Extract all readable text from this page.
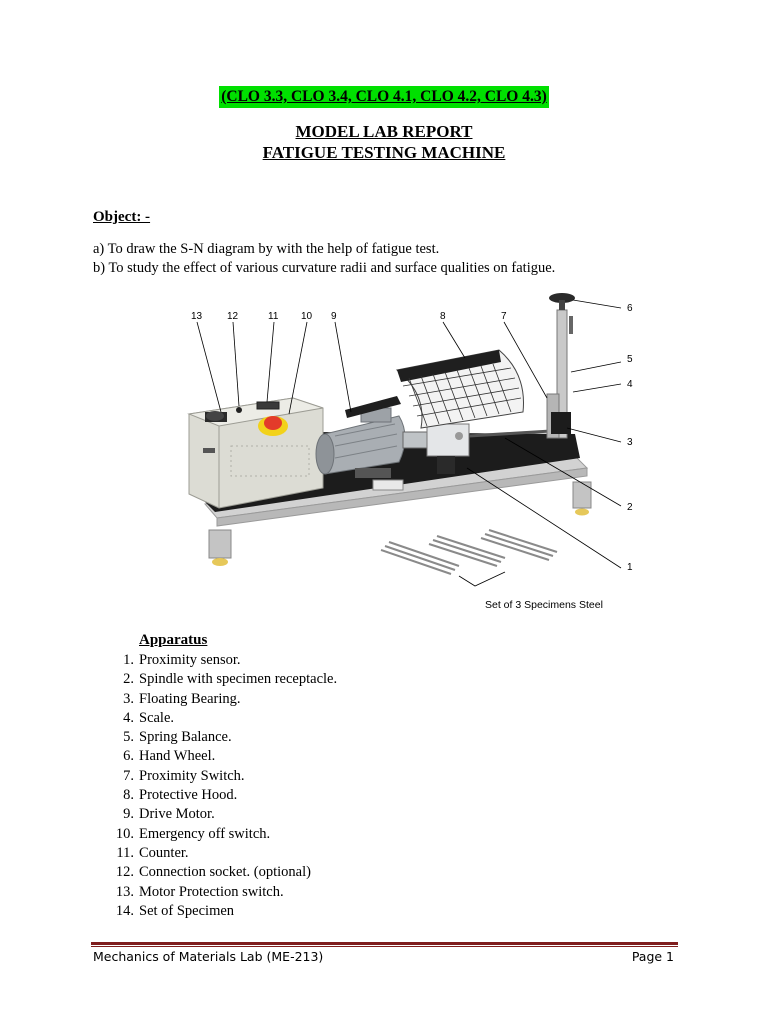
(CLO 3.3, CLO 3.4, CLO 4.1, CLO 4.2, CLO 4.3)
MODEL LAB REPORT
FATIGUE TESTING MACHINE
Object: -
a) To draw the S-N diagram by with the help of fatigue test.
b) To study the effect of various curvature radii and surface qualities on fatigue.
13 12	11 10 9	8	7
6
5
4
3
2
1
Set of 3 Specimens Steel
Apparatus
1. Proximity sensor.
2. Spindle with specimen receptacle.
3. Floating Bearing.
4. Scale.
5. Spring Balance.
6. Hand Wheel.
7. Proximity Switch.
8. Protective Hood.
9. Drive Motor.
10. Emergency off switch.
11. Counter.
12. Connection socket. (optional)
13. Motor Protection switch.
14. Set of Specimen
Mechanics of Materials Lab (ME-213)	Page 1
